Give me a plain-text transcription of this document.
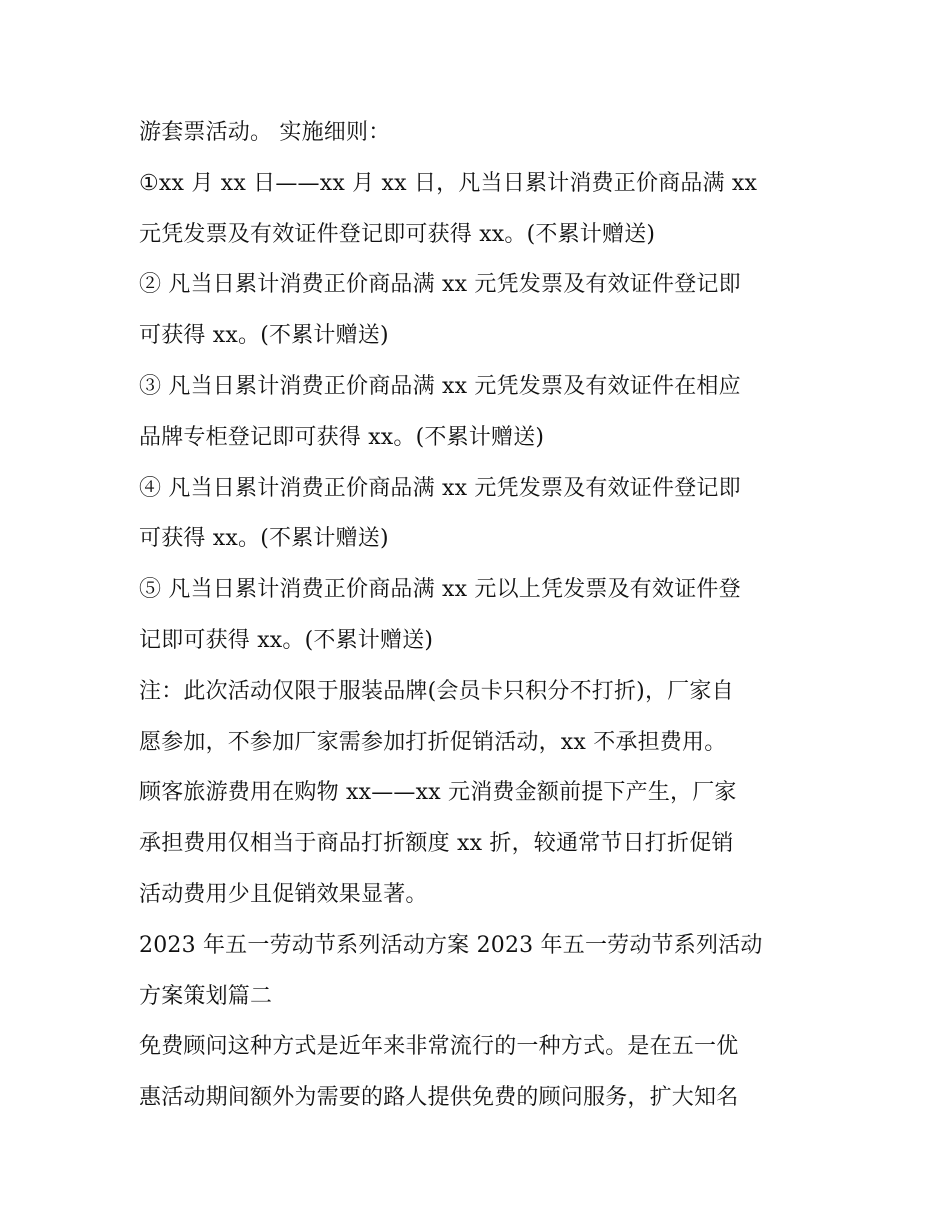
游套票活动。 实施细则：
①xx 月 xx 日——xx 月 xx 日，凡当日累计消费正价商品满 xx
元凭发票及有效证件登记即可获得 xx。(不累计赠送)
② 凡当日累计消费正价商品满 xx 元凭发票及有效证件登记即
可获得 xx。(不累计赠送)
③ 凡当日累计消费正价商品满 xx 元凭发票及有效证件在相应
品牌专柜登记即可获得 xx。(不累计赠送)
④ 凡当日累计消费正价商品满 xx 元凭发票及有效证件登记即
可获得 xx。(不累计赠送)
⑤ 凡当日累计消费正价商品满 xx 元以上凭发票及有效证件登
记即可获得 xx。(不累计赠送)
注：此次活动仅限于服装品牌(会员卡只积分不打折)，厂家自
愿参加，不参加厂家需参加打折促销活动，xx 不承担费用。
顾客旅游费用在购物 xx——xx 元消费金额前提下产生，厂家
承担费用仅相当于商品打折额度 xx 折，较通常节日打折促销
活动费用少且促销效果显著。
2023 年五一劳动节系列活动方案 2023 年五一劳动节系列活动
方案策划篇二
免费顾问这种方式是近年来非常流行的一种方式。是在五一优
惠活动期间额外为需要的路人提供免费的顾问服务，扩大知名
